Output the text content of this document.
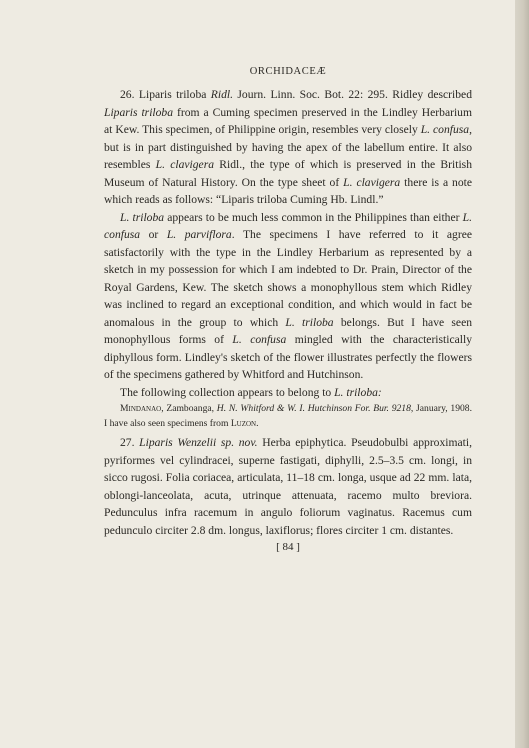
ORCHIDACEÆ

26. Liparis triloba Ridl. Journ. Linn. Soc. Bot. 22: 295. Ridley described Liparis triloba from a Cuming specimen preserved in the Lindley Herbarium at Kew. This specimen, of Philippine origin, resembles very closely L. confusa, but is in part distinguished by having the apex of the labellum entire. It also resembles L. clavigera Ridl., the type of which is preserved in the British Museum of Natural History. On the type sheet of L. clavigera there is a note which reads as follows: “Liparis triloba Cuming Hb. Lindl.”

L. triloba appears to be much less common in the Philippines than either L. confusa or L. parviflora. The specimens I have referred to it agree satisfactorily with the type in the Lindley Herbarium as represented by a sketch in my possession for which I am indebted to Dr. Prain, Director of the Royal Gardens, Kew. The sketch shows a monophyllous stem which Ridley was inclined to regard an exceptional condition, and which would in fact be anomalous in the group to which L. triloba belongs. But I have seen monophyllous forms of L. confusa mingled with the characteristically diphyllous form. Lindley's sketch of the flower illustrates perfectly the flowers of the specimens gathered by Whitford and Hutchinson.

The following collection appears to belong to L. triloba:

Mindanao, Zamboanga, H. N. Whitford & W. I. Hutchinson For. Bur. 9218, January, 1908. I have also seen specimens from Luzon.

27. Liparis Wenzelii sp. nov. Herba epiphytica. Pseudobulbi approximati, pyriformes vel cylindracei, superne fastigati, diphylli, 2.5–3.5 cm. longi, in sicco rugosi. Folia coriacea, articulata, 11–18 cm. longa, usque ad 22 mm. lata, oblongi-lanceolata, acuta, utrinque attenuata, racemo multo breviora. Pedunculus infra racemum in angulo foliorum vaginatus. Racemus cum pedunculo circiter 2.8 dm. longus, laxiflorus; flores circiter 1 cm. distantes.

[ 84 ]
